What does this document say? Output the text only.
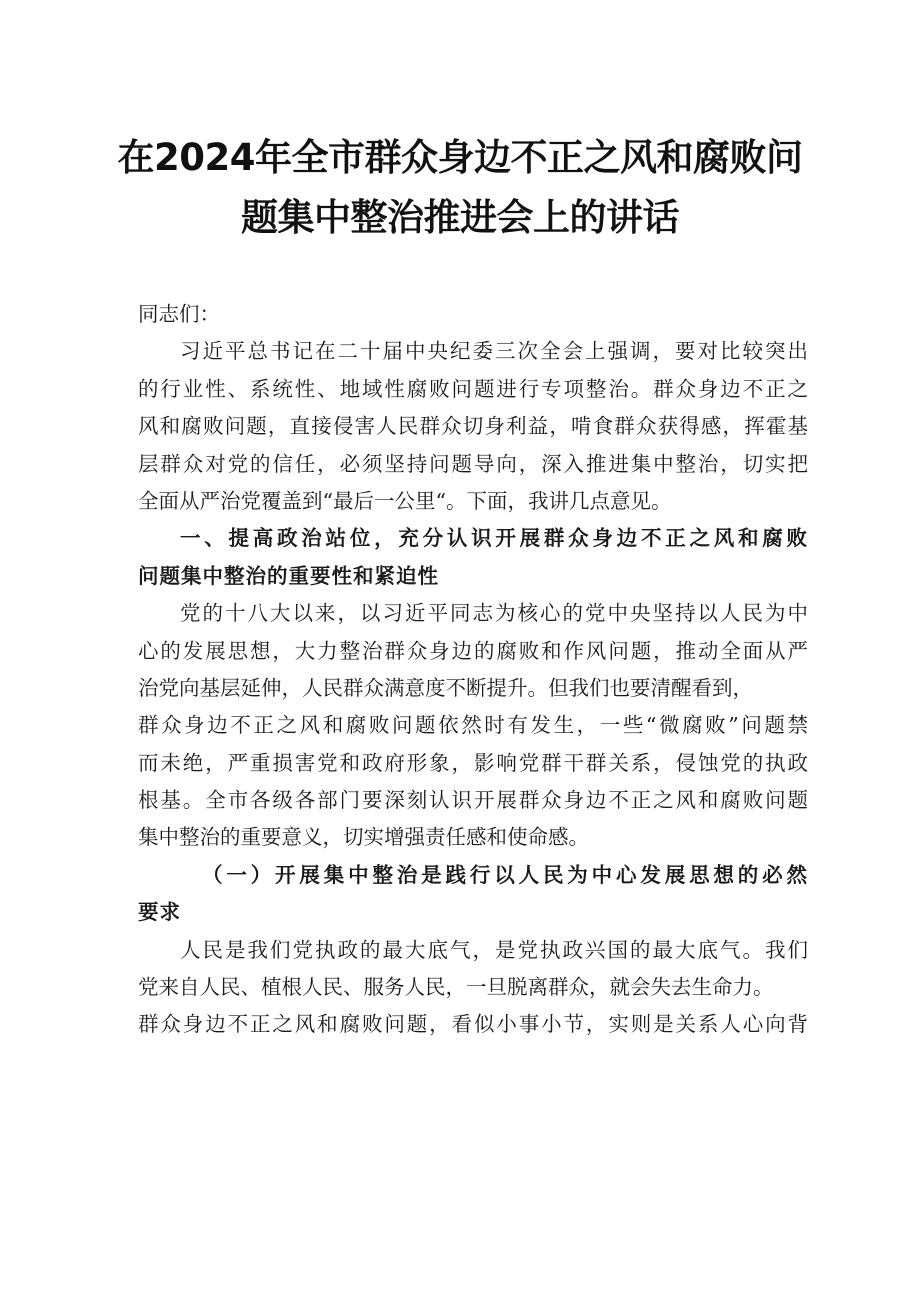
在2024年全市群众身边不正之风和腐败问
题集中整治推进会上的讲话
同志们：
习近平总书记在二十届中央纪委三次全会上强调，要对比较突出
的行业性、系统性、地域性腐败问题进行专项整治。群众身边不正之
风和腐败问题，直接侵害人民群众切身利益，啃食群众获得感，挥霍基
层群众对党的信任，必须坚持问题导向，深入推进集中整治，切实把
全面从严治党覆盖到“最后一公里“。下面，我讲几点意见。
一、提高政治站位，充分认识开展群众身边不正之风和腐败
问题集中整治的重要性和紧迫性
党的十八大以来，以习近平同志为核心的党中央坚持以人民为中
心的发展思想，大力整治群众身边的腐败和作风问题，推动全面从严
治党向基层延伸，人民群众满意度不断提升。但我们也要清醒看到，
群众身边不正之风和腐败问题依然时有发生，一些“微腐败”问题禁
而未绝，严重损害党和政府形象，影响党群干群关系，侵蚀党的执政
根基。全市各级各部门要深刻认识开展群众身边不正之风和腐败问题
集中整治的重要意义，切实增强责任感和使命感。
（一）开展集中整治是践行以人民为中心发展思想的必然
要求
人民是我们党执政的最大底气，是党执政兴国的最大底气。我们
党来自人民、植根人民、服务人民，一旦脱离群众，就会失去生命力。
群众身边不正之风和腐败问题，看似小事小节，实则是关系人心向背
